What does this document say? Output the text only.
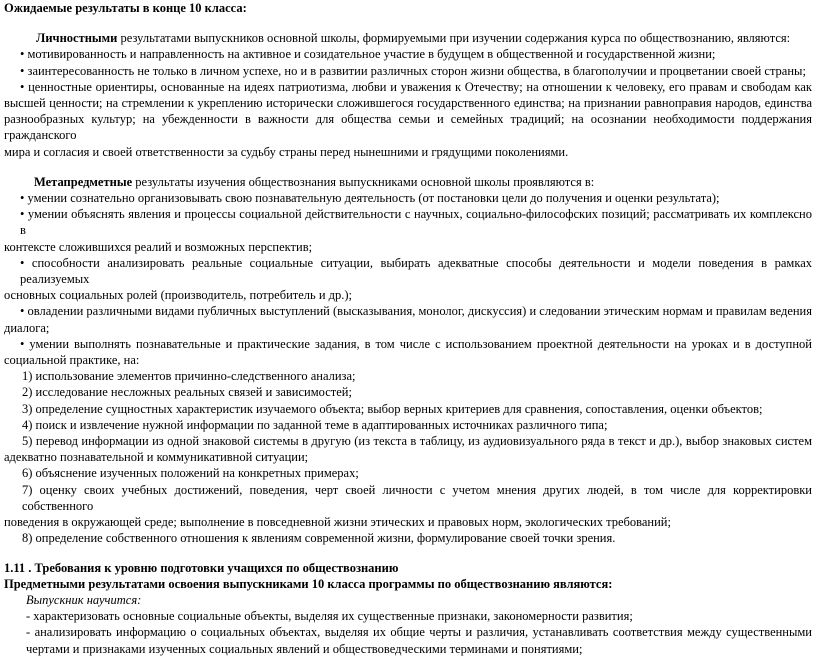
Ожидаемые результаты в конце 10 класса:
Личностными результатами выпускников основной школы, формируемыми при изучении содержания курса по обществознанию, являются:
• мотивированность и направленность на активное и созидательное участие в будущем в общественной и государственной жизни;
• заинтересованность не только в личном успехе, но и в развитии различных сторон жизни общества, в благополучии и процветании своей страны;
• ценностные ориентиры, основанные на идеях патриотизма, любви и уважения к Отечеству; на отношении к человеку, его правам и свободам как
высшей ценности; на стремлении к укреплению исторически сложившегося государственного единства; на признании равноправия народов, единства
разнообразных культур; на убежденности в важности для общества семьи и семейных традиций; на осознании необходимости поддержания гражданского
мира и согласия и своей ответственности за судьбу страны перед нынешними и грядущими поколениями.
Метапредметные результаты изучения обществознания выпускниками основной школы проявляются в:
• умении сознательно организовывать свою познавательную деятельность (от постановки цели до получения и оценки результата);
• умении объяснять явления и процессы социальной действительности с научных, социально-философских позиций; рассматривать их комплексно в
контексте сложившихся реалий и возможных перспектив;
• способности анализировать реальные социальные ситуации, выбирать адекватные способы деятельности и модели поведения в рамках реализуемых
основных социальных ролей (производитель, потребитель и др.);
• овладении различными видами публичных выступлений (высказывания, монолог, дискуссия) и следовании этическим нормам и правилам ведения
диалога;
• умении выполнять познавательные и практические задания, в том числе с использованием проектной деятельности на уроках и в доступной
социальной практике, на:
1) использование элементов причинно-следственного анализа;
2) исследование несложных реальных связей и зависимостей;
3) определение сущностных характеристик изучаемого объекта; выбор верных критериев для сравнения, сопоставления, оценки объектов;
4) поиск и извлечение нужной информации по заданной теме в адаптированных источниках различного типа;
5) перевод информации из одной знаковой системы в другую (из текста в таблицу, из аудиовизуального ряда в текст и др.), выбор знаковых систем
адекватно познавательной и коммуникативной ситуации;
6) объяснение изученных положений на конкретных примерах;
7) оценку своих учебных достижений, поведения, черт своей личности с учетом мнения других людей, в том числе для корректировки собственного
поведения в окружающей среде; выполнение в повседневной жизни этических и правовых норм, экологических требований;
8) определение собственного отношения к явлениям современной жизни, формулирование своей точки зрения.
1.11 . Требования к уровню подготовки учащихся по обществознанию
Предметными результатами освоения выпускниками 10 класса программы по обществознанию являются:
Выпускник научится:
- характеризовать основные социальные объекты, выделяя их существенные признаки, закономерности развития;
- анализировать информацию о социальных объектах, выделяя их общие черты и различия, устанавливать соответствия между существенными
чертами и признаками изученных социальных явлений и обществоведческими терминами и понятиями;
